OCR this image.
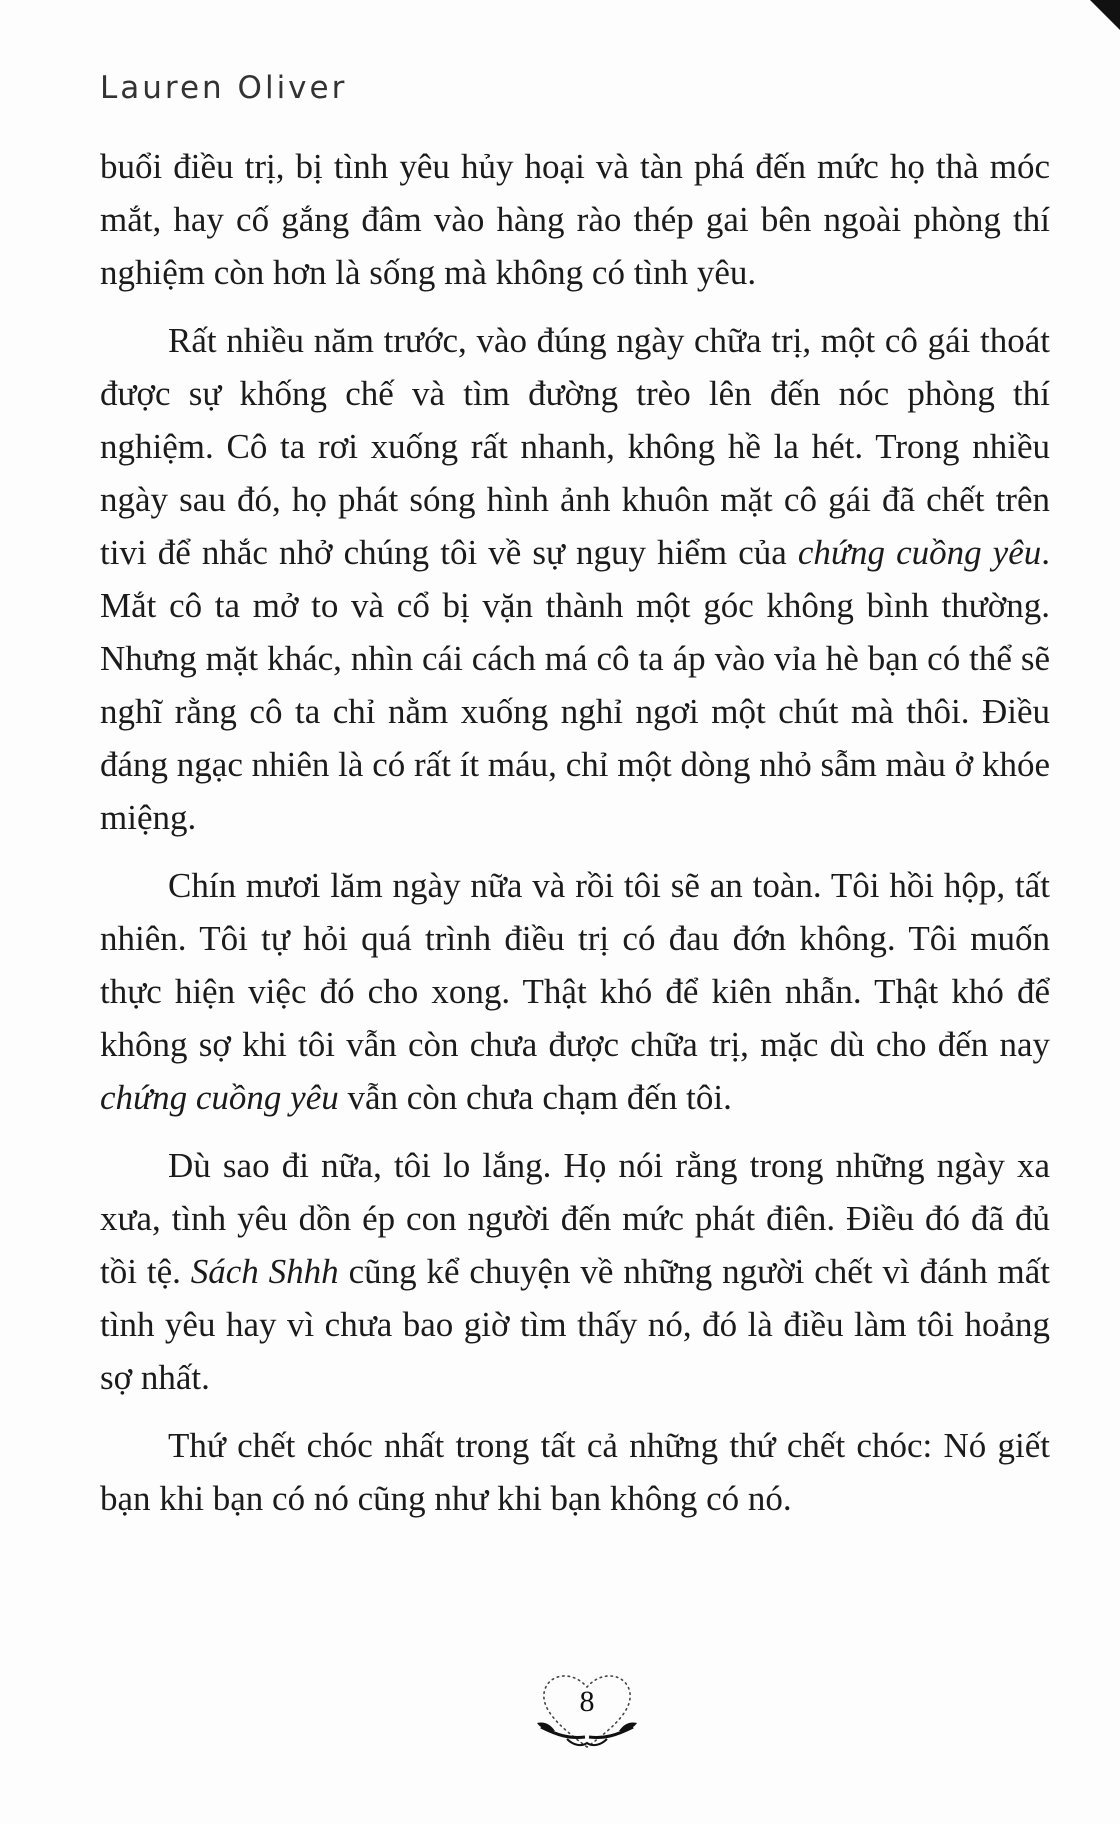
Lauren Oliver

buổi điều trị, bị tình yêu hủy hoại và tàn phá đến mức họ thà móc mắt, hay cố gắng đâm vào hàng rào thép gai bên ngoài phòng thí nghiệm còn hơn là sống mà không có tình yêu.

Rất nhiều năm trước, vào đúng ngày chữa trị, một cô gái thoát được sự khống chế và tìm đường trèo lên đến nóc phòng thí nghiệm. Cô ta rơi xuống rất nhanh, không hề la hét. Trong nhiều ngày sau đó, họ phát sóng hình ảnh khuôn mặt cô gái đã chết trên tivi để nhắc nhở chúng tôi về sự nguy hiểm của chứng cuồng yêu. Mắt cô ta mở to và cổ bị vặn thành một góc không bình thường. Nhưng mặt khác, nhìn cái cách má cô ta áp vào vỉa hè bạn có thể sẽ nghĩ rằng cô ta chỉ nằm xuống nghỉ ngơi một chút mà thôi. Điều đáng ngạc nhiên là có rất ít máu, chỉ một dòng nhỏ sẫm màu ở khóe miệng.

Chín mươi lăm ngày nữa và rồi tôi sẽ an toàn. Tôi hồi hộp, tất nhiên. Tôi tự hỏi quá trình điều trị có đau đớn không. Tôi muốn thực hiện việc đó cho xong. Thật khó để kiên nhẫn. Thật khó để không sợ khi tôi vẫn còn chưa được chữa trị, mặc dù cho đến nay chứng cuồng yêu vẫn còn chưa chạm đến tôi.

Dù sao đi nữa, tôi lo lắng. Họ nói rằng trong những ngày xa xưa, tình yêu dồn ép con người đến mức phát điên. Điều đó đã đủ tồi tệ. Sách Shhh cũng kể chuyện về những người chết vì đánh mất tình yêu hay vì chưa bao giờ tìm thấy nó, đó là điều làm tôi hoảng sợ nhất.

Thứ chết chóc nhất trong tất cả những thứ chết chóc: Nó giết bạn khi bạn có nó cũng như khi bạn không có nó.

8
